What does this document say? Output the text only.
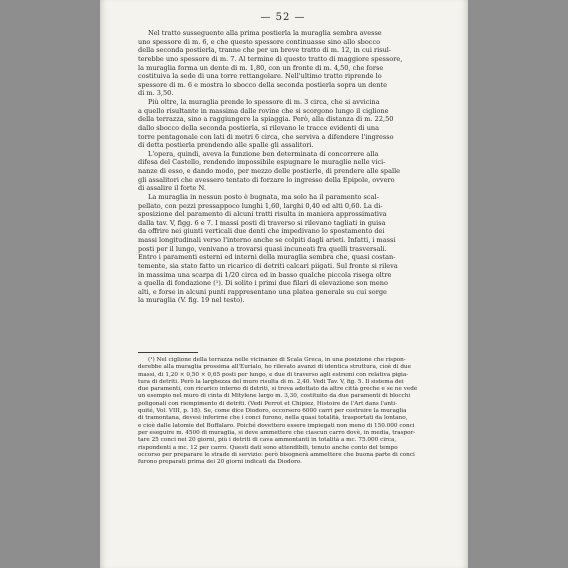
— 52 —

Nel tratto susseguente alla prima postierla la muraglia sembra avesse
uno spessore di m. 6, e che questo spessore continuasse sino allo sbocco
della seconda postierla, tranne che per un breve tratto di m. 12, in cui risul-
terebbe uno spessore di m. 7. Al termine di questo tratto di maggiore spessore,
la muraglia forma un dente di m. 1,80, con un fronte di m. 4,50, che forse
costituiva la sede di una torre rettangolare. Nell'ultimo tratto riprende lo
spessore di m. 6 e mostra lo sbocco della seconda postierla sopra un dente
di m. 3,50.

Più oltre, la muraglia prende lo spessore di m. 3 circa, che si avvicina
a quello risultante in massima dalle rovine che si scorgono lungo il ciglione
della terrazza, sino a raggiungere la spiaggia. Però, alla distanza di m. 22,50
dallo sbocco della seconda postierla, si rilevano le tracce evidenti di una
torre pentagonale con lati di metri 6 circa, che serviva a difendere l'ingresso
di detta postierla prendendo alle spalle gli assalitori.

L'opera, quindi, aveva la funzione ben determinata di concorrere alla
difesa del Castello, rendendo impossibile espugnare le muraglie nelle vici-
nanze di esso, e dando modo, per mezzo delle postierle, di prendere alle spalle
gli assalitori che avessero tentato di forzare lo ingresso della Epipole, ovvero
di assalire il forte N.

La muraglia in nessun posto è bugnata, ma solo ha il paramento scal-
pellato, con pezzi pressappoco lunghi 1,60, larghi 0,40 ed alti 0,60. La di-
sposizione del paramento di alcuni tratti risulta in maniera approssimativa
dalla tav. V, figg. 6 e 7. I massi posti di traverso si rilevano tagliati in guisa
da offrire nei giunti verticali due denti che impedivano lo spostamento dei
massi longitudinali verso l'interno anche se colpiti dagli arieti. Infatti, i massi
posti per il lungo, venivano a trovarsi quasi incuneati fra quelli trasversali.
Entro i paramenti esterni ed interni della muraglia sembra che, quasi costan-
temente, sia stato fatto un ricarico di detriti calcari piigati. Sul fronte si rileva
in massima una scarpa di 1/20 circa ed in basso qualche piccola risega oltre
a quella di fondazione (¹). Di solito i primi due filari di elevazione son meno
alti, e forse in alcuni punti rappresentano una platea generale su cui sorge
la muraglia (V. fig. 19 nel testo).

(¹) Nel ciglione della terrazza nelle vicinanze di Scala Greca, in una posizione che rispon-
derebbe alla muraglia prossima all'Eurialo, ho rilevato avanzi di identica struttura, cioè di due
massi, di 1,20 × 0,50 × 0,65 posti per lungo, e due di traverso agli estremi con relativa pigia-
tura di detriti. Però la larghezza del muro risulta di m. 2,40. Vedi Tav. V, fig. 5. Il sistema dei
due paramenti, con ricarico interno di detriti, si trova adottato da altre città greche e se ne vede
un esempio nel muro di cinta di Mitylene largo m. 3,30, costituito da due paramenti di blocchi
poligonali con riempimento di detriti. (Vedi Perrot et Chipiez, Histoire de l'Art dans l'anti-
quité, Vol. VIII, p. 18). Se, come dice Diodoro, occorsero 6000 carri per costruire la muraglia
di tramontana, devesi inferirne che i conci furono, nella quasi totalità, trasportati da lontano,
e cioè dalle latomie del Buffalaro. Poiché dovettero essere impiegati non meno di 150.000 conci
per eseguire m. 4500 di muraglia, si deve ammettere che ciascun carro dovè, in media, traspor-
tare 25 conci nei 20 giorni, più i detriti di cava ammontanti in totalità a mc. 75.000 circa,
rispondenti a mc. 12 per carro. Questi dati sono attendibili, tenuto anche conto del tempo
occorso per preparare le strade di servizio: però bisognerà ammettere che buona parte di conci
furono preparati prima dei 20 giorni indicati da Diodoro.
